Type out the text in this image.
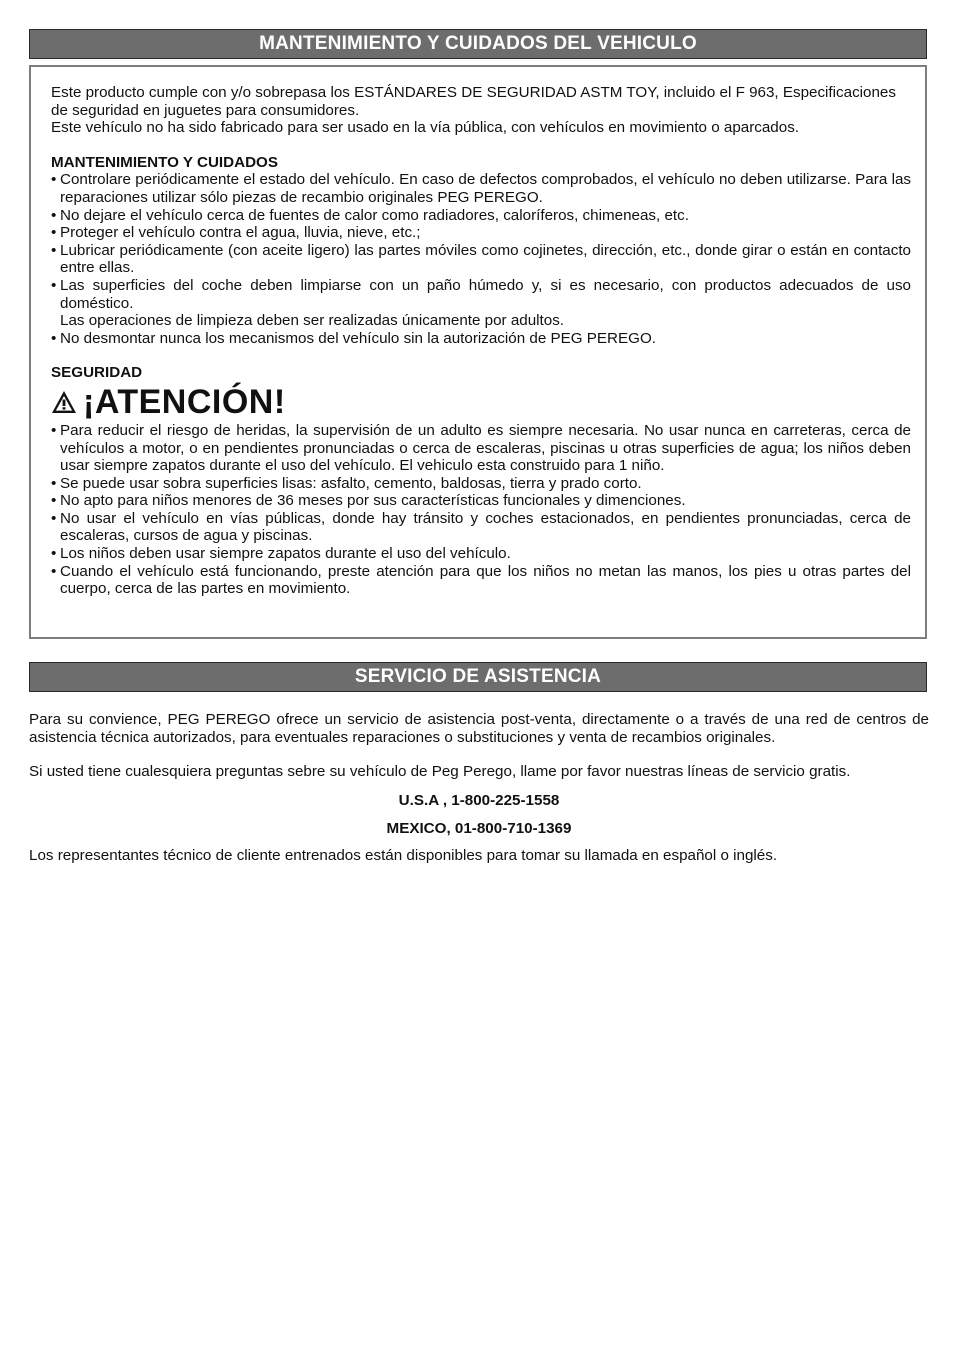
MANTENIMIENTO Y CUIDADOS DEL VEHICULO

Este producto cumple con y/o sobrepasa los ESTÁNDARES DE SEGURIDAD ASTM TOY, incluido el F 963, Especificaciones de seguridad en juguetes para consumidores.

Este vehículo no ha sido fabricado para ser usado en la vía pública, con vehículos en movimiento o aparcados.

MANTENIMIENTO Y CUIDADOS

• Controlare periódicamente el estado del vehículo. En caso de defectos comprobados, el vehículo no deben utilizarse. Para las reparaciones utilizar sólo piezas de recambio originales PEG PEREGO.
• No dejare el vehículo cerca de fuentes de calor como radiadores, caloríferos, chimeneas, etc.
• Proteger el vehículo contra el agua, lluvia, nieve, etc.;
• Lubricar periódicamente (con aceite ligero) las partes móviles como cojinetes, dirección, etc., donde girar o están en contacto entre ellas.
• Las superficies del coche deben limpiarse con un paño húmedo y, si es necesario, con productos adecuados de uso doméstico.
Las operaciones de limpieza deben ser realizadas únicamente por adultos.
• No desmontar nunca los mecanismos del vehículo sin la autorización de PEG PEREGO.

SEGURIDAD

¡ATENCIÓN!
• Para reducir el riesgo de heridas, la supervisión de un adulto es siempre necesaria. No usar nunca en carreteras, cerca de vehículos a motor, o en pendientes pronunciadas o cerca de escaleras, piscinas u otras superficies de agua; los niños deben usar siempre zapatos durante el uso del vehículo. El vehiculo esta construido para 1 niño.
• Se puede usar sobra superficies lisas: asfalto, cemento, baldosas, tierra y prado corto.
• No apto para niños menores de 36 meses por sus características funcionales y dimenciones.
• No usar el vehículo en vías públicas, donde hay tránsito y coches estacionados, en pendientes pronunciadas, cerca de escaleras, cursos de agua y piscinas.
• Los niños deben usar siempre zapatos durante el uso del vehículo.
• Cuando el vehículo está funcionando, preste atención para que los niños no metan las manos, los pies u otras partes del cuerpo, cerca de las partes en movimiento.
SERVICIO DE ASISTENCIA

Para su convience, PEG PEREGO ofrece un servicio de asistencia post-venta, directamente o a través de una red de centros de asistencia técnica autorizados, para eventuales reparaciones o substituciones y venta de recambios originales.

Si usted tiene cualesquiera preguntas sebre su vehículo de Peg Perego, llame por favor nuestras líneas de servicio gratis.

U.S.A , 1-800-225-1558

MEXICO, 01-800-710-1369

Los representantes técnico de cliente entrenados están disponibles para tomar su llamada en español o inglés.
